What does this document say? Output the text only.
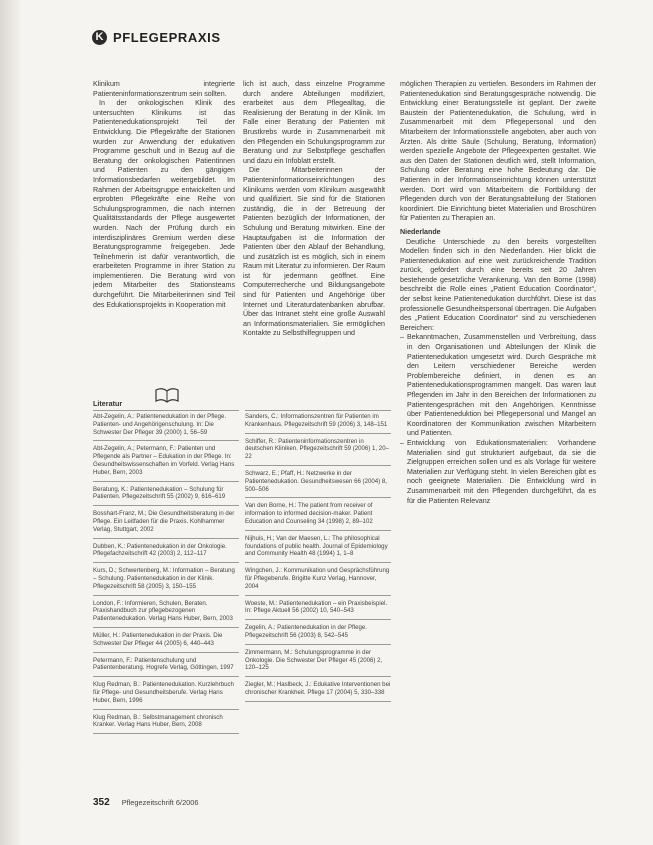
K PFLEGEPRAXIS

Klinikum integrierte Patienteninformationszentrum sein sollten.

In der onkologischen Klinik des untersuchten Klinikums ist das Patientenedukationsprojekt Teil der Entwicklung. Die Pflegekräfte der Stationen wurden zur Anwendung der edukativen Programme geschult und in Bezug auf die Beratung der onkologischen Patientinnen und Patienten zu den gängigen Informationsbedarfen weitergebildet. Im Rahmen der Arbeitsgruppe entwickelten und erprobten Pflegekräfte eine Reihe von Schulungsprogrammen, die nach internen Qualitätsstandards der Pflege ausgewertet wurden. Nach der Prüfung durch ein interdisziplinäres Gremium werden diese Beratungsprogramme freigegeben. Jede Teilnehmerin ist dafür verantwortlich, die erarbeiteten Programme in ihrer Station zu implementieren. Die Beratung wird von jedem Mitarbeiter des Stationsteams durchgeführt. Die Mitarbeiterinnen sind Teil des Edukationsprojekts in Kooperation mit

lich ist auch, dass einzelne Programme durch andere Abteilungen modifiziert, erarbeitet aus dem Pflegealltag, die Realisierung der Beratung in der Klinik. Im Falle einer Beratung der Patienten mit Brustkrebs wurde in Zusammenarbeit mit den Pflegenden ein Schulungsprogramm zur Beratung und zur Selbstpflege geschaffen und dazu ein Infoblatt erstellt.

Die Mitarbeiterinnen der Patienteninformationseinrichtungen des Klinikums werden vom Klinikum ausgewählt und qualifiziert. Sie sind für die Stationen zuständig, die in der Betreuung der Patienten bezüglich der Informationen, der Schulung und Beratung mitwirken. Eine der Hauptaufgaben ist die Information der Patienten über den Ablauf der Behandlung, und zusätzlich ist es möglich, sich in einem Raum mit Literatur zu informieren. Der Raum ist für jedermann geöffnet. Eine Computerrecherche und Bildungsangebote sind für Patienten und Angehörige über Internet und Literaturdatenbanken abrufbar. Über das Intranet steht eine große Auswahl an Informationsmaterialien. Sie ermöglichen Kontakte zu Selbsthilfegruppen und

möglichen Therapien zu vertiefen. Besonders im Rahmen der Patientenedukation sind Beratungsgespräche notwendig. Die Entwicklung einer Beratungsstelle ist geplant. Der zweite Baustein der Patientenedukation, die Schulung, wird in Zusammenarbeit mit dem Pflegepersonal und den Mitarbeitern der Informationsstelle angeboten, aber auch von Ärzten. Als dritte Säule (Schulung, Beratung, Information) werden spezielle Angebote der Pflegeexperten gestaltet. Wie aus den Daten der Stationen deutlich wird, stellt Information, Schulung oder Beratung eine hohe Bedeutung dar. Die Patienten in der Informationseinrichtung können unterstützt werden. Dort wird von Mitarbeitern die Fortbildung der Pflegenden durch von der Beratungsabteilung der Stationen koordiniert. Die Einrichtung bietet Materialien und Broschüren für Patienten zu Therapien an.

Niederlande

Deutliche Unterschiede zu den bereits vorgestellten Modellen finden sich in den Niederlanden. Hier blickt die Patientenedukation auf eine weit zurückreichende Tradition zurück, gefördert durch eine bereits seit 20 Jahren bestehende gesetzliche Verankerung. Van den Borne (1998) beschreibt die Rolle eines „Patient Education Coordinator“, der selbst keine Patientenedukation durchführt. Diese ist das professionelle Gesundheitspersonal übertragen. Die Aufgaben des „Patient Education Coordinator“ sind zu verschiedenen Bereichen:

– Bekanntmachen, Zusammenstellen und Verbreitung, dass in den Organisationen und Abteilungen der Klinik die Patientenedukation umgesetzt wird. Durch Gespräche mit den Leitern verschiedener Bereiche werden Problembereiche definiert, in denen es an Patientenedukationsprogrammen mangelt. Das waren laut Pflegenden im Jahr in den Bereichen der Informationen zu Patientengesprächen mit den Angehörigen. Kenntnisse über Patienteneduktion bei Pflegepersonal und Mangel an Koordinatoren der Kommunikation zwischen Mitarbeitern und Patienten.
– Entwicklung von Edukationsmaterialien: Vorhandene Materialien sind gut strukturiert aufgebaut, da sie die Zielgruppen erreichen sollen und es als Vorlage für weitere Materialien zur Verfügung steht. In vielen Bereichen gibt es noch geeignete Materialien. Die Entwicklung wird in Zusammenarbeit mit den Pflegenden durchgeführt, da es für die Patienten Relevanz
Literatur
Abt-Zegelin, A.: Patientenedukation in der Pflege. Patienten- und Angehörigenschulung. In: Die Schwester Der Pfleger 39 (2000) 1, 56–59
Abt-Zegelin, A.; Petermann, F.: Patienten und Pflegende als Partner – Edukation in der Pflege. In: Gesundheitswissenschaften im Vorfeld. Verlag Hans Huber, Bern, 2003
Beratung, K.: Patientenedukation – Schulung für Patienten. Pflegezeitschrift 55 (2002) 9, 616–619
Bosshart-Franz, M.; Die Gesundheitsberatung in der Pflege. Ein Leitfaden für die Praxis. Kohlhammer Verlag, Stuttgart, 2002
Dubben, K.: Patientenedukation in der Onkologie. Pflegefachzeitschrift 42 (2003) 2, 112–117
Kurs, D.; Schwertenberg, M.: Information – Beratung – Schulung. Patientenedukation in der Klinik. Pflegezeitschrift 58 (2005) 3, 150–155
London, F.: Informieren, Schulen, Beraten. Praxishandbuch zur pflegebezogenen Patientenedukation. Verlag Hans Huber, Bern, 2003
Müller, H.: Patientenedukation in der Praxis. Die Schwester Der Pfleger 44 (2005) 6, 440–443
Petermann, F.: Patientenschulung und Patientenberatung. Hogrefe Verlag, Göttingen, 1997
Klug Redman, B.: Patientenedukation. Kurzlehrbuch für Pflege- und Gesundheitsberufe. Verlag Hans Huber, Bern, 1996
Klug Redman, B.: Selbstmanagement chronisch Kranker. Verlag Hans Huber, Bern, 2008
Sanders, C.: Informationszentren für Patienten im Krankenhaus. Pflegezeitschrift 59 (2006) 3, 148–151
Schiffer, R.: Patienteninformationszentren in deutschen Kliniken. Pflegezeitschrift 59 (2006) 1, 20–22
Schwarz, E.; Pfaff, H.: Netzwerke in der Patientenedukation. Gesundheitswesen 66 (2004) 8, 500–506
Van den Borne, H.: The patient from receiver of information to informed decision-maker. Patient Education and Counseling 34 (1998) 2, 89–102
Nijhuis, H.; Van der Maesen, L.: The philosophical foundations of public health. Journal of Epidemiology and Community Health 48 (1994) 1, 1–8
Wingchen, J.: Kommunikation und Gesprächsführung für Pflegeberufe. Brigitte Kunz Verlag, Hannover, 2004
Woeste, M.: Patientenedukation – ein Praxisbeispiel. In: Pflege Aktuell 56 (2002) 10, 540–543
Zegelin, A.: Patientenedukation in der Pflege. Pflegezeitschrift 56 (2003) 8, 542–545
Zimmermann, M.: Schulungsprogramme in der Onkologie. Die Schwester Der Pfleger 45 (2006) 2, 120–125
Ziegler, M.; Haslbeck, J.: Edukative Interventionen bei chronischer Krankheit. Pflege 17 (2004) 5, 330–338
352 Pflegezeitschrift 6/2006
